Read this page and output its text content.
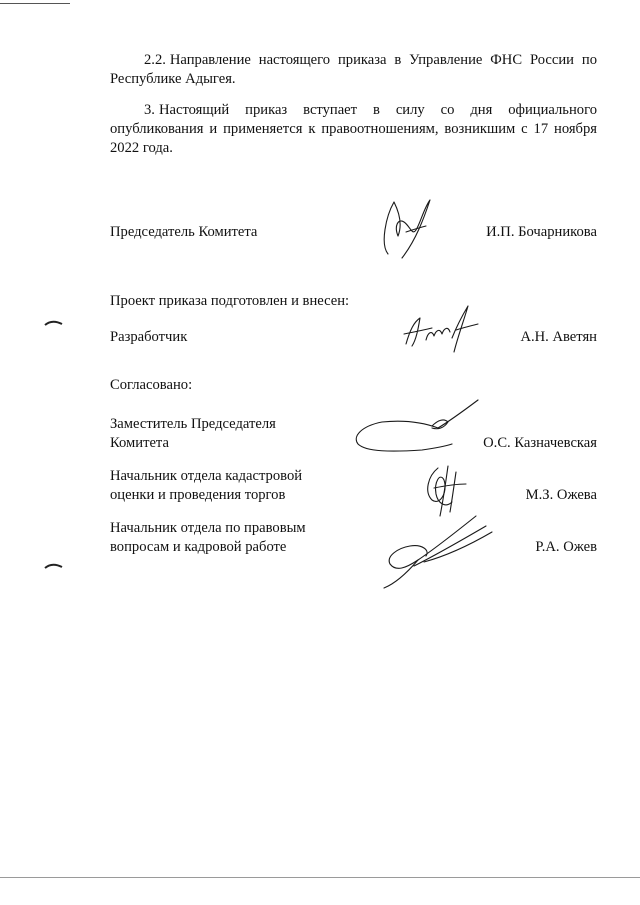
2.2. Направление настоящего приказа в Управление ФНС России по Республике Адыгея.

3. Настоящий приказ вступает в силу со дня официального опубликования и применяется к правоотношениям, возникшим с 17 ноября 2022 года.

Председатель Комитета	И.П. Бочарникова

Проект приказа подготовлен и внесен:

Разработчик	А.Н. Аветян

Согласовано:

Заместитель Председателя
Комитета	О.С. Казначевская

Начальник отдела кадастровой
оценки и проведения торгов	М.З. Ожева

Начальник отдела по правовым
вопросам и кадровой работе	Р.А. Ожев
